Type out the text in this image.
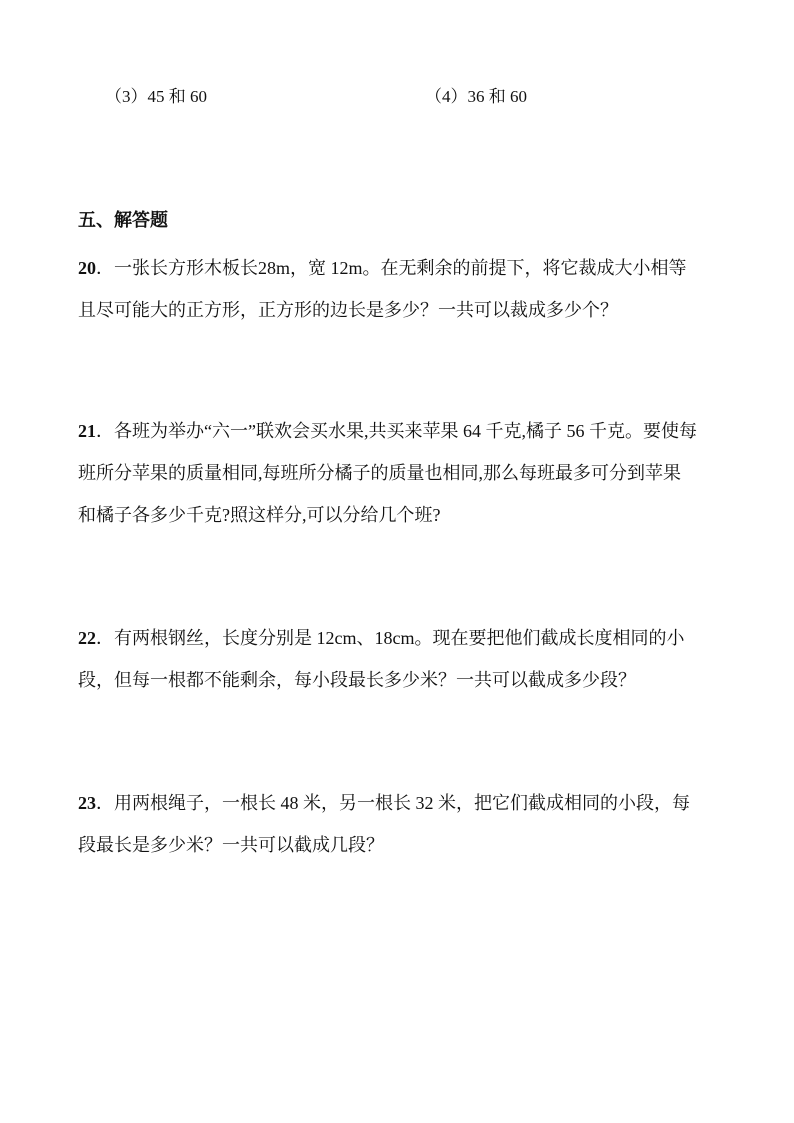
（3）45 和 60	（4）36 和 60
五、解答题
20．一张长方形木板长28m，宽 12m。在无剩余的前提下，将它裁成大小相等
且尽可能大的正方形，正方形的边长是多少？一共可以裁成多少个？
21．各班为举办“六一”联欢会买水果,共买来苹果 64 千克,橘子 56 千克。要使每
班所分苹果的质量相同,每班所分橘子的质量也相同,那么每班最多可分到苹果
和橘子各多少千克?照这样分,可以分给几个班?
22．有两根钢丝，长度分别是 12cm、18cm。现在要把他们截成长度相同的小
段，但每一根都不能剩余，每小段最长多少米？一共可以截成多少段？
23．用两根绳子，一根长 48 米，另一根长 32 米，把它们截成相同的小段，每
段最长是多少米？一共可以截成几段？
